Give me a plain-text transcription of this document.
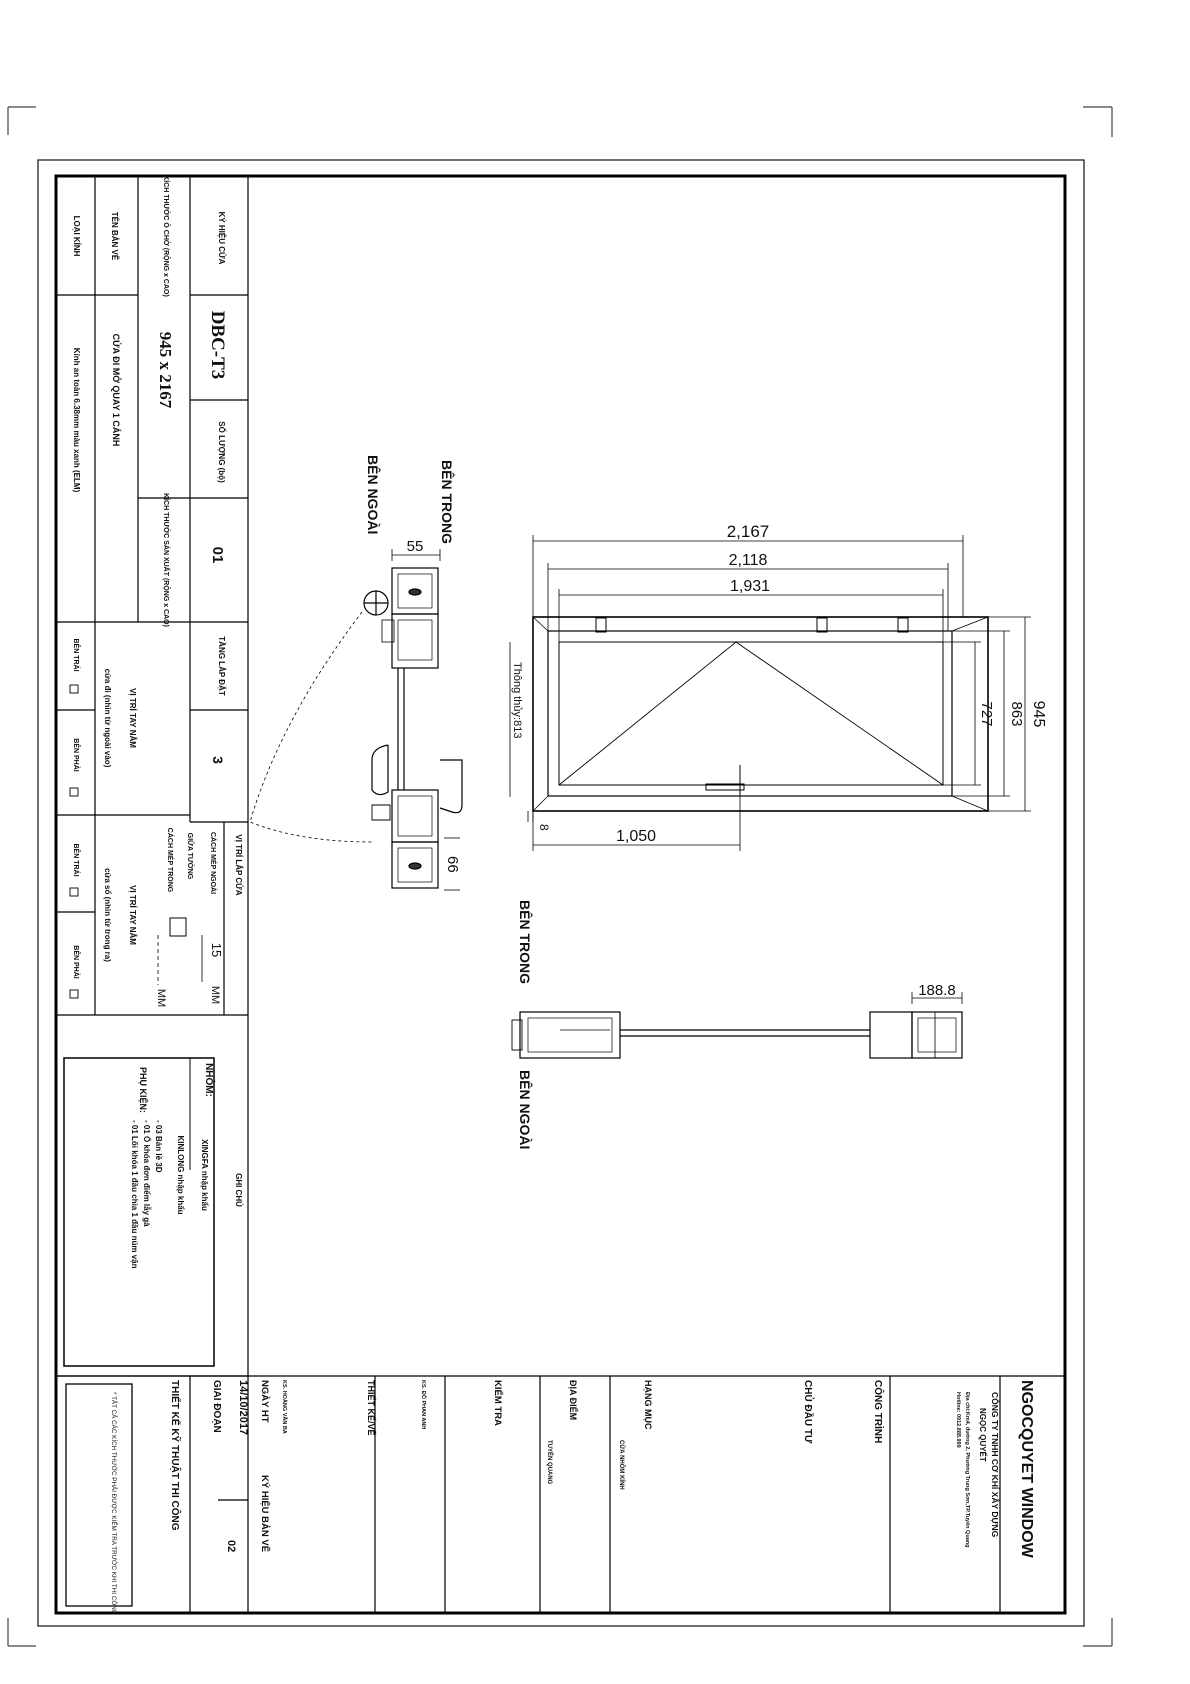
KÝ HIỆU CỬA
DBC-T3
SỐ LƯỢNG (bộ)
01
TẦNG LẮP ĐẶT
3
KÍCH THƯỚC Ô CHỜ (RỘNG x CAO)
945 x 2167
KÍCH THƯỚC SẢN XUẤT (RỘNG x CAO)
TÊN BẢN VẼ
CỬA ĐI MỞ QUAY 1 CÁNH
LOẠI KÍNH
Kính an toàn 6.38mm màu xanh (ELM)
VỊ TRÍ TAY NẮM
cửa đi (nhìn từ ngoài vào)
BÊN TRÁI
BÊN PHẢI
VỊ TRÍ LẮP CỬA
CÁCH MÉP NGOÀI
15
MM
GIỮA TƯỜNG
CÁCH MÉP TRONG
MM
VỊ TRÍ TAY NẮM
cửa sổ (nhìn từ trong ra)
BÊN TRÁI
BÊN PHẢI
GHI CHÚ
NHÔM:
XINGFA nhập khẩu
KINLONG nhập khẩu
PHỤ KIỆN:
- 03 Bản lề 3D
- 01 Ổ khóa đơn điểm lẫy gà
- 01 Lõi khóa 1 đầu chìa 1 đầu núm vặn
NGOCQUYET WINDOW
CÔNG TY TNHH CƠ KHÍ XÂY DỰNG
NGỌC QUYẾT
Địa chỉ:Km4, đường 2, Phường Trung Sơn,TP.Tuyên Quang
Hotline: 0912.888.999
CÔNG TRÌNH
CHỦ ĐẦU TƯ
HẠNG MỤC
CỬA NHÔM KÍNH
ĐỊA ĐIỂM
TUYÊN QUANG
KIỂM TRA
KS. ĐỖ PHAN ANH
THIẾT KẾ/VẼ
KS. HOÀNG VĂN BA
NGÀY HT
KÝ HIỆU BẢN VẼ
14/10/2017
02
GIAI ĐOẠN
THIẾT KẾ KỸ THUẬT THI CÔNG
* TẤT CẢ CÁC KÍCH THƯỚC PHẢI ĐƯỢC KIỂM TRA TRƯỚC KHI THI CÔNG
2,167
2,118
1,931
945
863
727
1,050
8
Thông thủy:813
BÊN TRONG
BÊN NGOÀI
55
66
BÊN TRONG
BÊN NGOÀI
188.8
